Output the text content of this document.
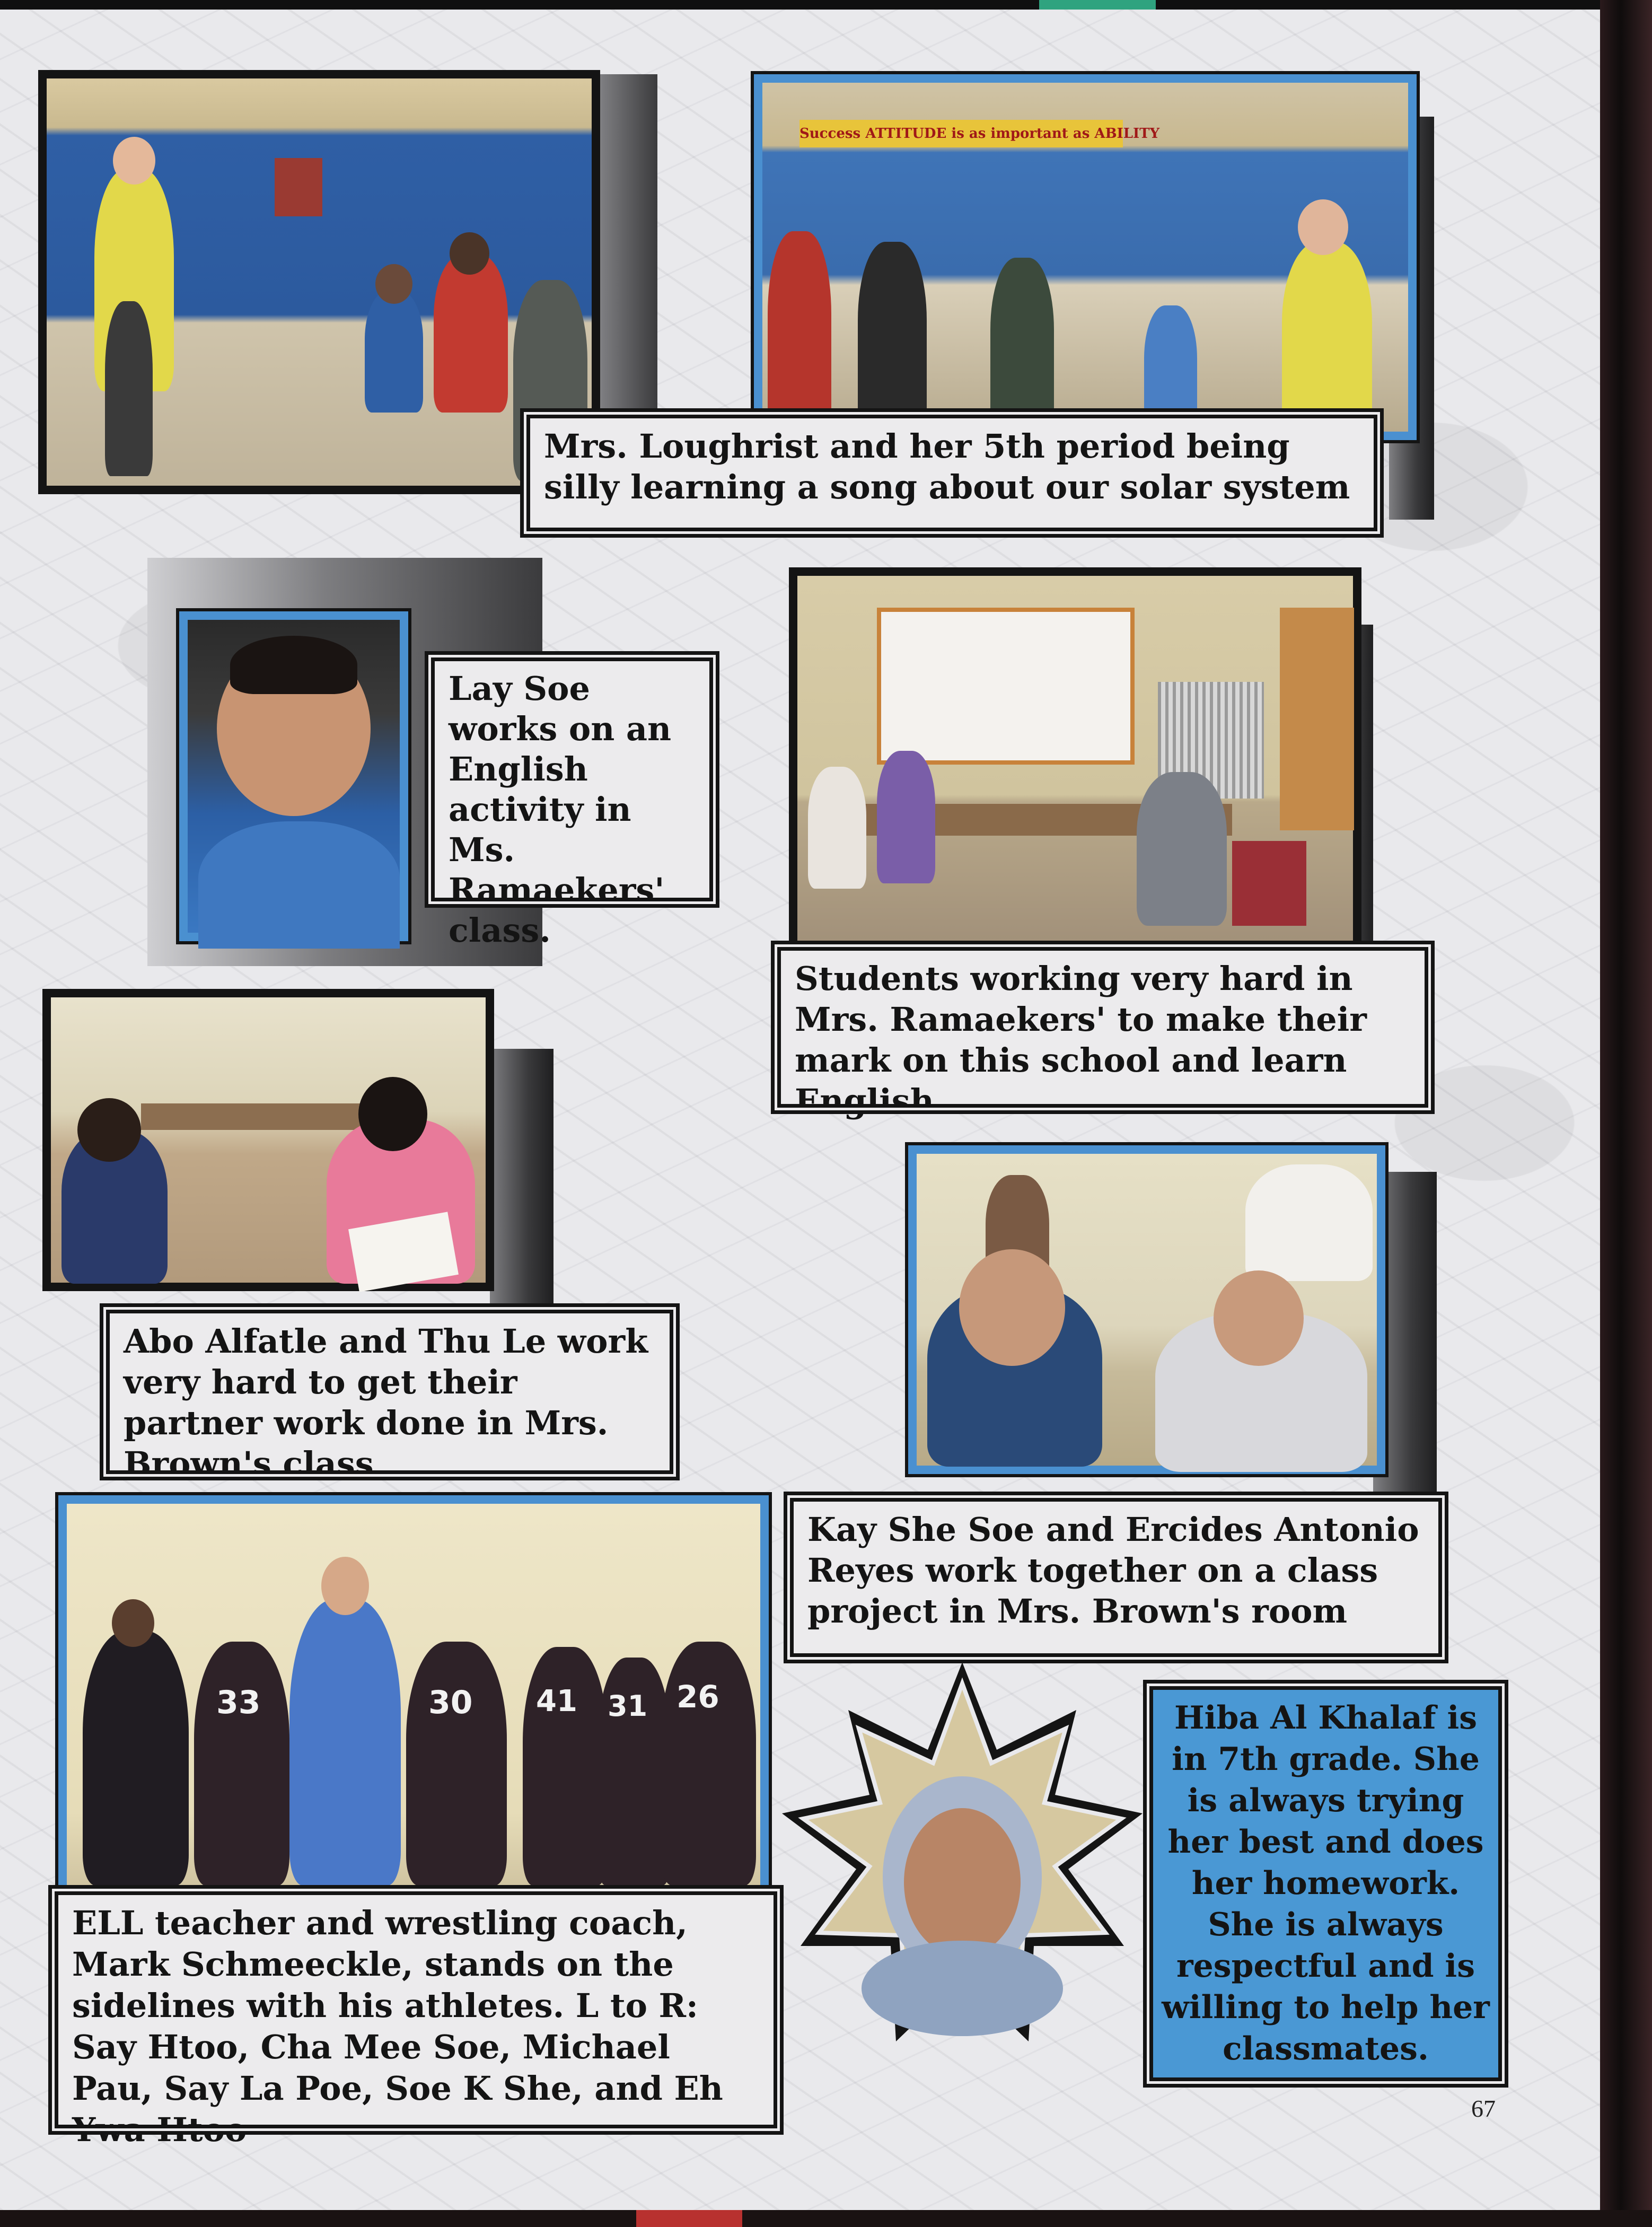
Success ATTITUDE is as important as ABILITY
Mrs. Loughrist and her 5th period being silly learning a song about our solar system
Lay Soe works on an English activity in Ms. Ramaekers' class.
Students working very hard in Mrs. Ramaekers' to make their mark on this school and learn English
Abo Alfatle and Thu Le work very hard to get their partner work done in Mrs. Brown's class
Kay She Soe and Ercides Antonio Reyes work together on a class project in Mrs. Brown's room
33	30 41 31 26
ELL teacher and wrestling coach, Mark Schmeeckle, stands on the sidelines with his athletes. L to R: Say Htoo, Cha Mee Soe, Michael Pau, Say La Poe, Soe K She, and Eh Ywa Htoo
Hiba Al Khalaf is in 7th grade. She is always trying her best and does her homework. She is always respectful and is willing to help her classmates.
67
